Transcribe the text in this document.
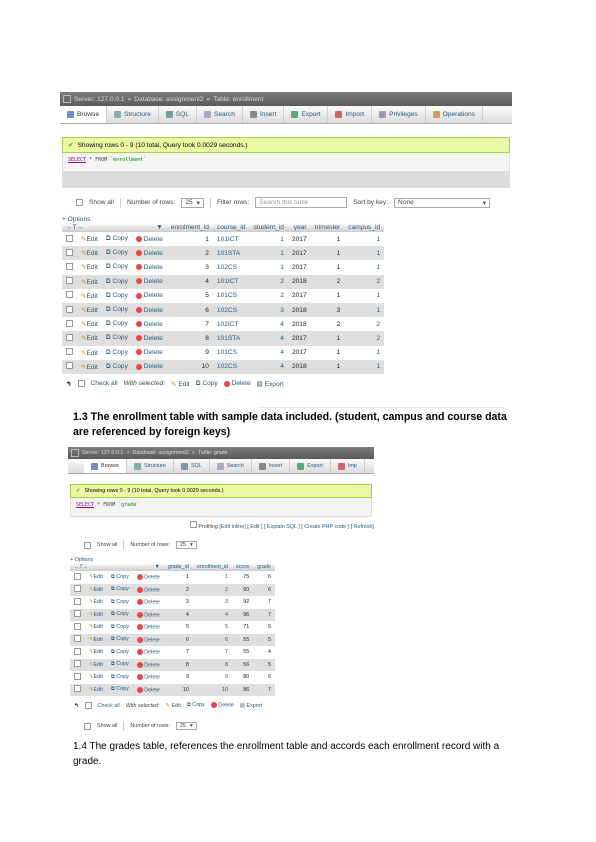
Server: 127.0.0.1 » Database: assignment2 » Table: enrollment
Browse	Structure	SQL	Search	Insert	Export	Import	Privileges	Operations
✔ Showing rows 0 - 9 (10 total, Query took 0.0029 seconds.)
SELECT * FROM `enrollment`
Show all Number of rows: 25 ▾	Filter rows:	Search this table	Sort by key: None	▾
+ Options
←T→ ▼				enrolment_id	course_id	student_id	year	trimester	campus_id
	✎Edit	⧉ Copy	Delete	1	101ICT	1	2017	1	1
	✎Edit	⧉ Copy	Delete	2	101STA	1	2017	1	1
	✎Edit	⧉ Copy	Delete	3	102CS	1	2017	1	1
	✎Edit	⧉ Copy	Delete	4	101ICT	2	2018	2	2
	✎Edit	⧉ Copy	Delete	5	101CS	2	2017	1	1
	✎Edit	⧉ Copy	Delete	6	102CS	3	2018	3	1
	✎Edit	⧉ Copy	Delete	7	102ICT	4	2018	2	2
	✎Edit	⧉ Copy	Delete	8	101STA	4	2017	1	2
	✎Edit	⧉ Copy	Delete	9	101CS	4	2017	1	1
	✎Edit	⧉ Copy	Delete	10	102CS	4	2018	1	1
↰	Check all With selected: ✎ Edit ⧉ Copy	Delete ▤ Export
1.3 The enrollment table with sample data included. (student, campus and course data are referenced by foreign keys)
Server: 127.0.0.1 » Database: assignment2 » Table: grade
Browse	Structure	SQL	Search	Insert	Export	Imp
✔ Showing rows 0 - 9 (10 total, Query took 0.0029 seconds.)
SELECT * FROM `grade`
Profiling [Edit inline] [ Edit ] [ Explain SQL ] [ Create PHP code ] [ Refresh]
Show all Number of rows: 25 ▾
+ Options
←T→ ▼				grade_id	enrolment_id	score	grade
	✎Edit	⧉ Copy	Delete	1	1	75	6
	✎Edit	⧉ Copy	Delete	2	2	60	6
	✎Edit	⧉ Copy	Delete	3	3	92	7
	✎Edit	⧉ Copy	Delete	4	4	96	7
	✎Edit	⧉ Copy	Delete	5	5	71	5
	✎Edit	⧉ Copy	Delete	6	6	55	5
	✎Edit	⧉ Copy	Delete	7	7	55	4
	✎Edit	⧉ Copy	Delete	8	8	56	5
	✎Edit	⧉ Copy	Delete	9	9	80	6
	✎Edit	⧉ Copy	Delete	10	10	86	7
↰	Check all With selected: ✎ Edit ⧉ Copy	Delete ▤ Export
Show all Number of rows: 25 ▾
1.4 The grades table, references the enrollment table and accords each enrollment record with a grade.
